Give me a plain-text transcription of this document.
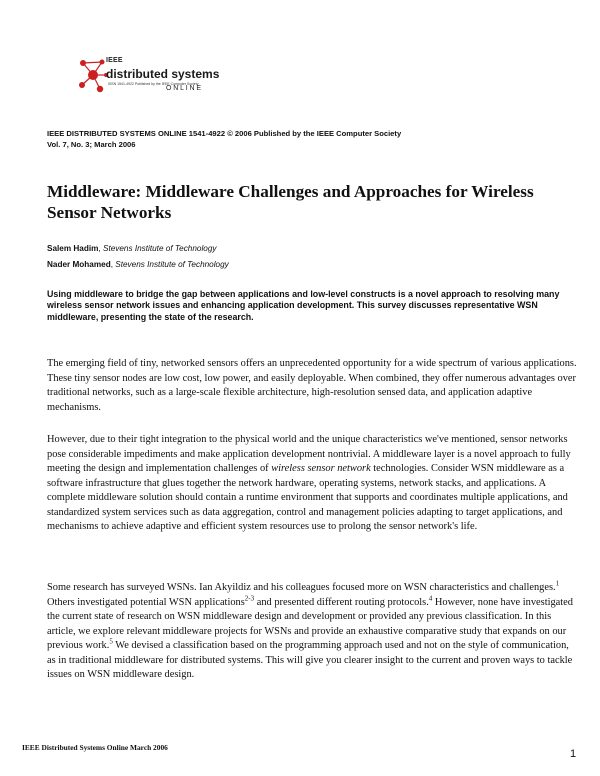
IEEE
distributed systems
ISSN 1541-4922 Published by the IEEE Computer Society
ONLINE
IEEE DISTRIBUTED SYSTEMS ONLINE 1541-4922 © 2006 Published by the IEEE Computer Society
Vol. 7, No. 3; March 2006
Middleware: Middleware Challenges and Approaches for Wireless Sensor Networks
Salem Hadim, Stevens Institute of Technology
Nader Mohamed, Stevens Institute of Technology
Using middleware to bridge the gap between applications and low-level constructs is a novel approach to resolving many wireless sensor network issues and enhancing application development. This survey discusses representative WSN middleware, presenting the state of the research.
The emerging field of tiny, networked sensors offers an unprecedented opportunity for a wide spectrum of various applications. These tiny sensor nodes are low cost, low power, and easily deployable. When combined, they offer numerous advantages over traditional networks, such as a large-scale flexible architecture, high-resolution sensed data, and application adaptive mechanisms.
However, due to their tight integration to the physical world and the unique characteristics we've mentioned, sensor networks pose considerable impediments and make application development nontrivial. A middleware layer is a novel approach to fully meeting the design and implementation challenges of wireless sensor network technologies. Consider WSN middleware as a software infrastructure that glues together the network hardware, operating systems, network stacks, and applications. A complete middleware solution should contain a runtime environment that supports and coordinates multiple applications, and standardized system services such as data aggregation, control and management policies adapting to target applications, and mechanisms to achieve adaptive and efficient system resources use to prolong the sensor network's life.
Some research has surveyed WSNs. Ian Akyildiz and his colleagues focused more on WSN characteristics and challenges.$^1$ Others investigated potential WSN applications$^{2-3}$ and presented different routing protocols.$^4$ However, none have investigated the current state of research on WSN middleware design and development or provided any previous classification. In this article, we explore relevant middleware projects for WSNs and provide an exhaustive comparative study that expands on our previous work.$^5$ We devised a classification based on the programming approach used and not on the style of communication, as in traditional middleware for distributed systems. This will give you clearer insight to the current and proven ways to tackle issues on WSN middleware design.
IEEE Distributed Systems Online March 2006
1
